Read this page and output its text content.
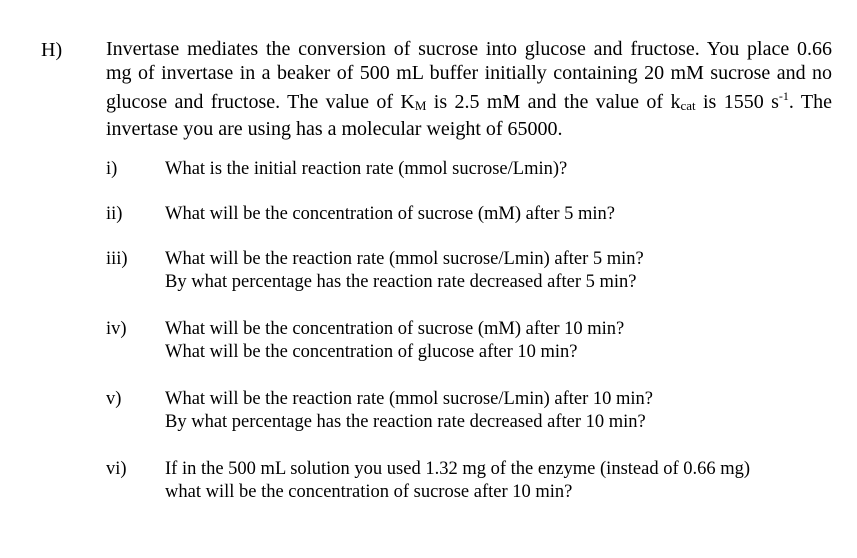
H) Invertase mediates the conversion of sucrose into glucose and fructose. You place 0.66
mg of invertase in a beaker of 500 mL buffer initially containing 20 mM sucrose and no
glucose and fructose. The value of KM is 2.5 mM and the value of kcat is 1550 $s^{-1}$. The
invertase you are using has a molecular weight of 65000.
i)	What is the initial reaction rate (mmol sucrose/Lmin)?
ii) What will be the concentration of sucrose (mM) after 5 min?
iii) What will be the reaction rate (mmol sucrose/Lmin) after 5 min?
By what percentage has the reaction rate decreased after 5 min?
iv) What will be the concentration of sucrose (mM) after 10 min?
What will be the concentration of glucose after 10 min?
v) What will be the reaction rate (mmol sucrose/Lmin) after 10 min?
By what percentage has the reaction rate decreased after 10 min?
vi) If in the 500 mL solution you used 1.32 mg of the enzyme (instead of 0.66 mg)
what will be the concentration of sucrose after 10 min?
